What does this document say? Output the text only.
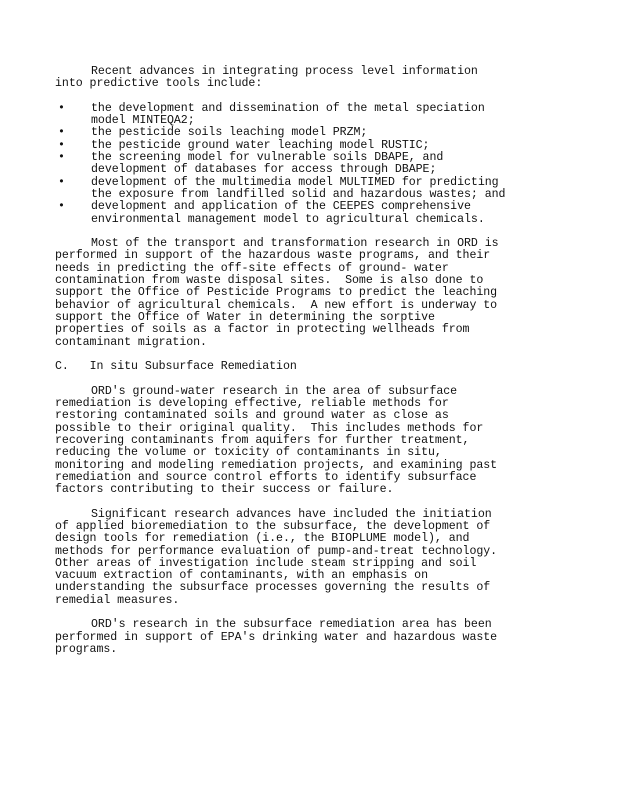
Recent advances in integrating process level information

into predictive tools include:

• the development and dissemination of the metal speciation
model MINTEQA2;
• the pesticide soils leaching model PRZM;
• the pesticide ground water leaching model RUSTIC;
• the screening model for vulnerable soils DBAPE, and
development of databases for access through DBAPE;
• development of the multimedia model MULTIMED for predicting
the exposure from landfilled solid and hazardous wastes; and
• development and application of the CEEPES comprehensive
environmental management model to agricultural chemicals.

Most of the transport and transformation research in ORD is

performed in support of the hazardous waste programs, and their

needs in predicting the off-site effects of ground- water

contamination from waste disposal sites.  Some is also done to

support the Office of Pesticide Programs to predict the leaching

behavior of agricultural chemicals.  A new effort is underway to

support the Office of Water in determining the sorptive

properties of soils as a factor in protecting wellheads from

contaminant migration.

C. In situ Subsurface Remediation

ORD's ground-water research in the area of subsurface

remediation is developing effective, reliable methods for

restoring contaminated soils and ground water as close as

possible to their original quality.  This includes methods for

recovering contaminants from aquifers for further treatment,

reducing the volume or toxicity of contaminants in situ,

monitoring and modeling remediation projects, and examining past

remediation and source control efforts to identify subsurface

factors contributing to their success or failure.

Significant research advances have included the initiation

of applied bioremediation to the subsurface, the development of

design tools for remediation (i.e., the BIOPLUME model), and

methods for performance evaluation of pump-and-treat technology.

Other areas of investigation include steam stripping and soil

vacuum extraction of contaminants, with an emphasis on

understanding the subsurface processes governing the results of

remedial measures.

ORD's research in the subsurface remediation area has been

performed in support of EPA's drinking water and hazardous waste

programs.
